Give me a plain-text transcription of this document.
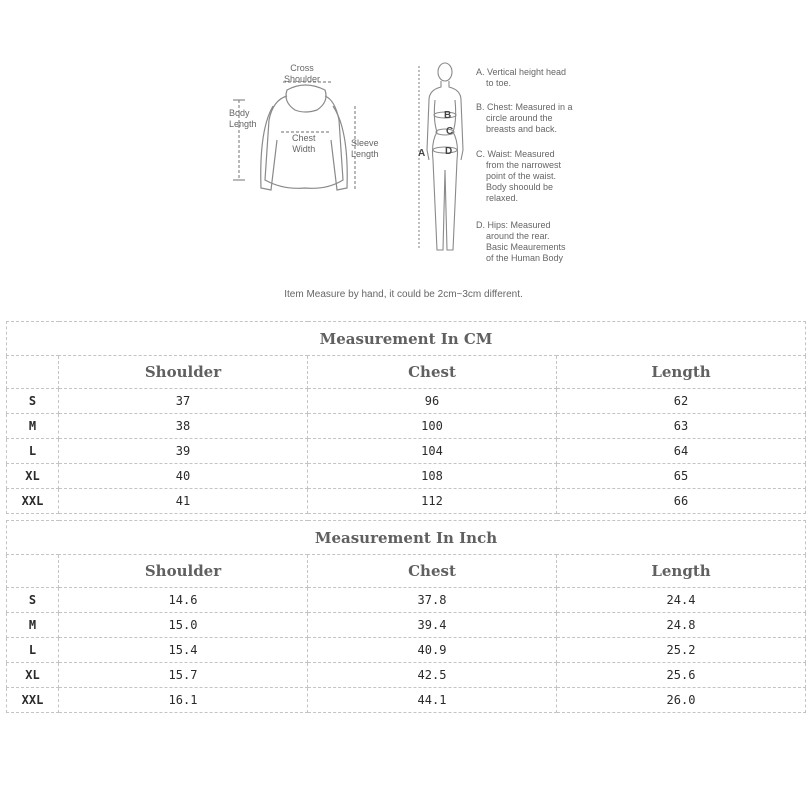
Cross
Shoulder
Body
Length
Chest
Width
Sleeve
Length	A
B
C
D
A. Vertical height head
to toe.
B. Chest: Measured in a
circle around the
breasts and back.
C. Waist: Measured
from the narrowest
point of the waist.
Body shoould be
relaxed.
D. Hips: Measured
around the rear.
Basic Meaurements
of the Human Body
Item Measure by hand, it could be 2cm~3cm different.
Measurement In CM			
	Shoulder	Chest	Length
S	37	96	62
M	38	100	63
L	39	104	64
XL	40	108	65
XXL	41	112	66
Measurement In Inch			
	Shoulder	Chest	Length
S	14.6	37.8	24.4
M	15.0	39.4	24.8
L	15.4	40.9	25.2
XL	15.7	42.5	25.6
XXL	16.1	44.1	26.0
